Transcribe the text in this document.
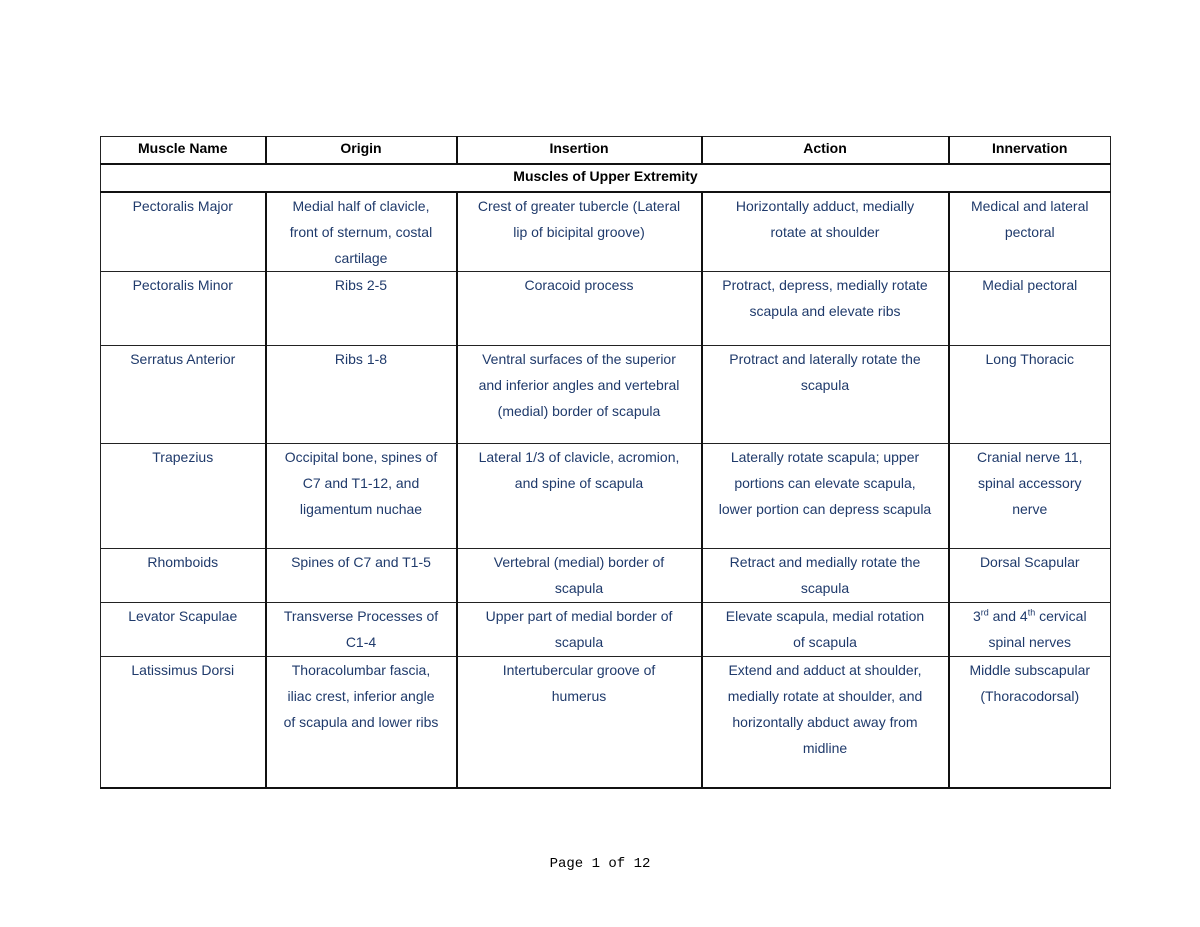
Muscle Name	Origin	Insertion	Action	Innervation
Muscles of Upper Extremity				

Pectoralis Major	Medial half of clavicle,
front of sternum, costal
cartilage	Crest of greater tubercle (Lateral
lip of bicipital groove)	Horizontally adduct, medially
rotate at shoulder	Medical and lateral
pectoral

Pectoralis Minor	Ribs 2-5	Coracoid process	Protract, depress, medially rotate
scapula and elevate ribs	Medial pectoral

Serratus Anterior	Ribs 1-8	Ventral surfaces of the superior
and inferior angles and vertebral
(medial) border of scapula	Protract and laterally rotate the
scapula	Long Thoracic

Trapezius	Occipital bone, spines of
C7 and T1-12, and
ligamentum nuchae	Lateral 1/3 of clavicle, acromion,
and spine of scapula	Laterally rotate scapula; upper
portions can elevate scapula,
lower portion can depress scapula	Cranial nerve 11,
spinal accessory
nerve

Rhomboids	Spines of C7 and T1-5	Vertebral (medial) border of
scapula	Retract and medially rotate the
scapula	Dorsal Scapular

Levator Scapulae	Transverse Processes of
C1-4	Upper part of medial border of
scapula	Elevate scapula, medial rotation
of scapula	3rd and 4th cervical
spinal nerves

Latissimus Dorsi	Thoracolumbar fascia,
iliac crest, inferior angle
of scapula and lower ribs	Intertubercular groove of
humerus	Extend and adduct at shoulder,
medially rotate at shoulder, and
horizontally abduct away from
midline	Middle subscapular
(Thoracodorsal)
Page 1 of 12
